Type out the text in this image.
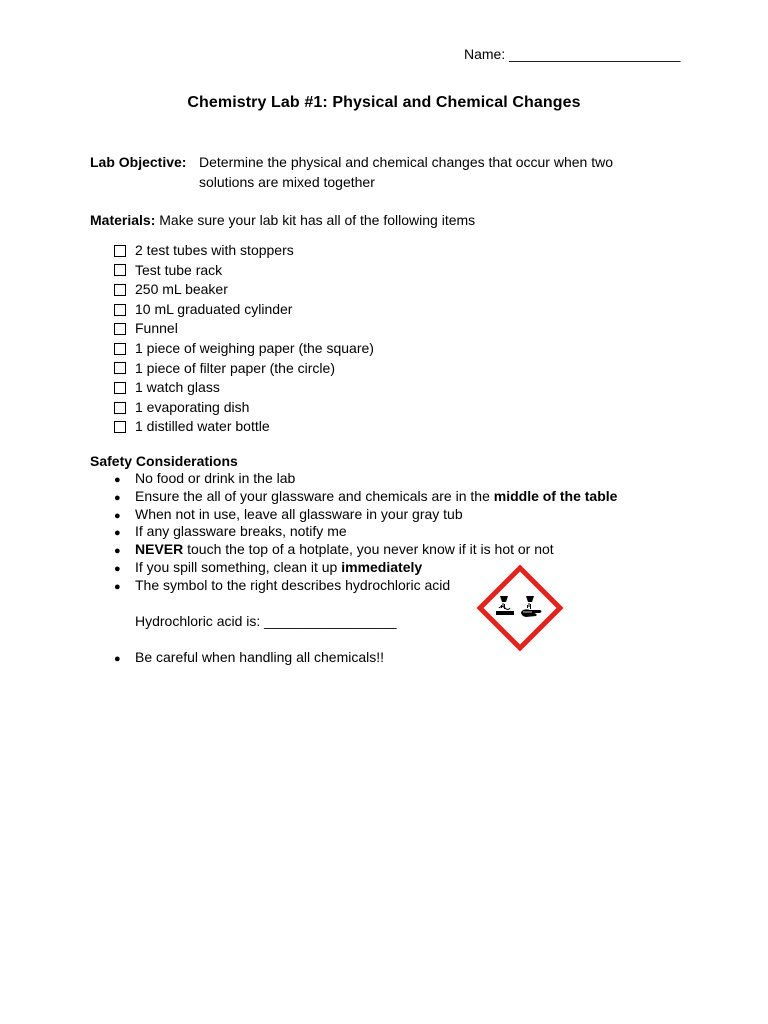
Name: ______________________
Chemistry Lab #1: Physical and Chemical Changes
Lab Objective: Determine the physical and chemical changes that occur when two solutions are mixed together
Materials: Make sure your lab kit has all of the following items
2 test tubes with stoppers
Test tube rack
250 mL beaker
10 mL graduated cylinder
Funnel
1 piece of weighing paper (the square)
1 piece of filter paper (the circle)
1 watch glass
1 evaporating dish
1 distilled water bottle
Safety Considerations
● No food or drink in the lab
● Ensure the all of your glassware and chemicals are in the middle of the table
● When not in use, leave all glassware in your gray tub
● If any glassware breaks, notify me
● NEVER touch the top of a hotplate, you never know if it is hot or not
● If you spill something, clean it up immediately
● The symbol to the right describes hydrochloric acid
Hydrochloric acid is: _________________
● Be careful when handling all chemicals!!
